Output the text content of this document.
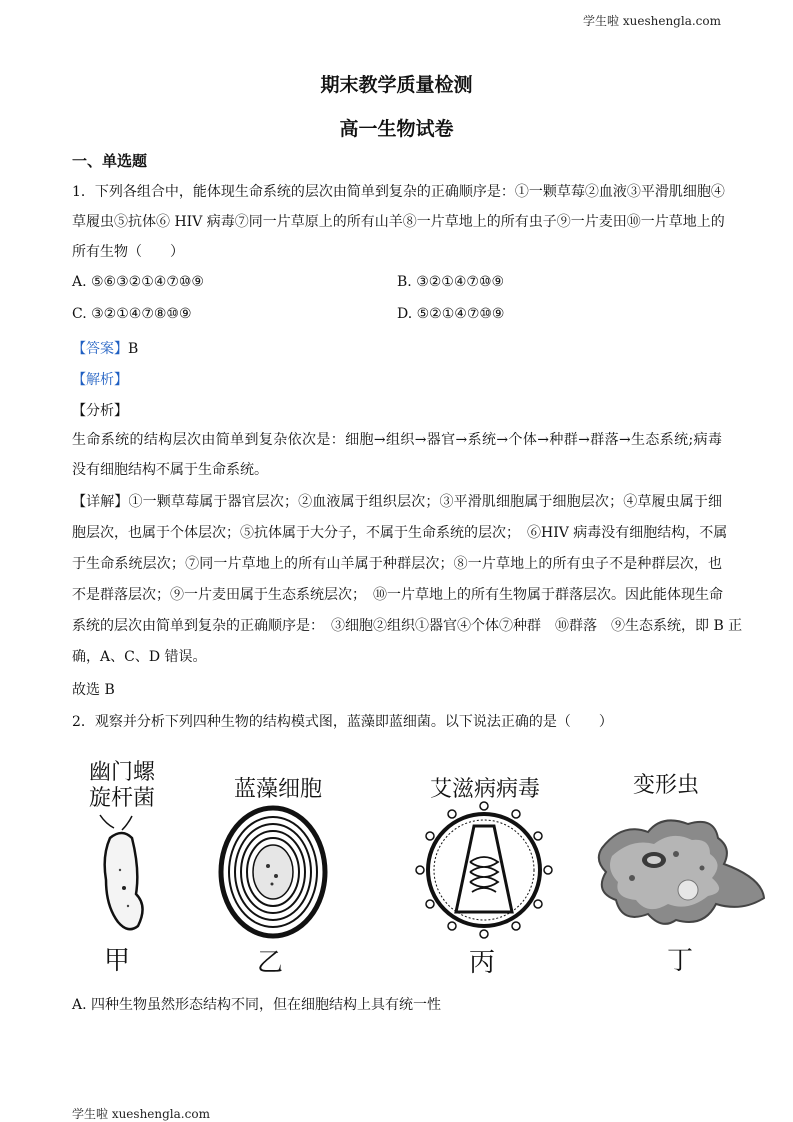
学生啦 xueshengla.com
期末教学质量检测
高一生物试卷
一、单选题
1．下列各组合中，能体现生命系统的层次由简单到复杂的正确顺序是：①一颗草莓②血液③平滑肌细胞④
草履虫⑤抗体⑥ HIV 病毒⑦同一片草原上的所有山羊⑧一片草地上的所有虫子⑨一片麦田⑩一片草地上的
所有生物（　　）
A. ⑤⑥③②①④⑦⑩⑨	B. ③②①④⑦⑩⑨
C. ③②①④⑦⑧⑩⑨	D. ⑤②①④⑦⑩⑨
【答案】B
【解析】
【分析】
生命系统的结构层次由简单到复杂依次是：细胞→组织→器官→系统→个体→种群→群落→生态系统;病毒
没有细胞结构不属于生命系统。
【详解】①一颗草莓属于器官层次；②血液属于组织层次；③平滑肌细胞属于细胞层次；④草履虫属于细
胞层次，也属于个体层次；⑤抗体属于大分子，不属于生命系统的层次；　⑥HIV 病毒没有细胞结构，不属
于生命系统层次；⑦同一片草地上的所有山羊属于种群层次；⑧一片草地上的所有虫子不是种群层次，也
不是群落层次；⑨一片麦田属于生态系统层次；　⑩一片草地上的所有生物属于群落层次。因此能体现生命
系统的层次由简单到复杂的正确顺序是：　③细胞②组织①器官④个体⑦种群　⑩群落　⑨生态系统，即 B 正
确，A、C、D 错误。
故选 B
2．观察并分析下列四种生物的结构模式图，蓝藻即蓝细菌。以下说法正确的是（　　）
幽门螺
旋杆菌
甲
蓝藻细胞
乙
艾滋病病毒
丙
变形虫
丁
A. 四种生物虽然形态结构不同，但在细胞结构上具有统一性
学生啦 xueshengla.com
